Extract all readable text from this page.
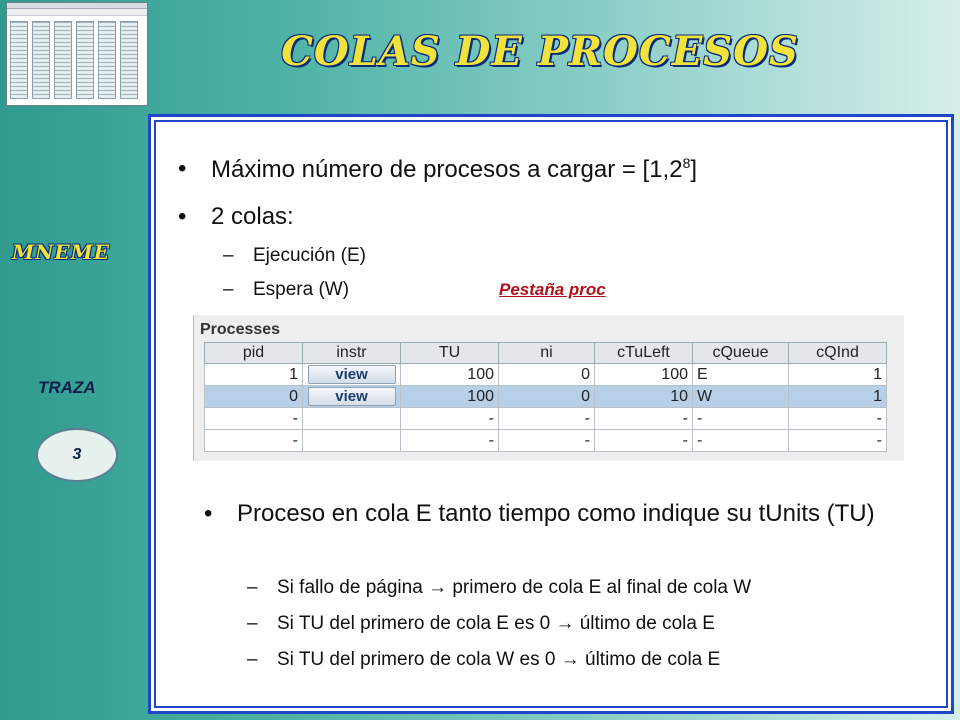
COLAS DE PROCESOS
MNEME
TRAZA
3
• Máximo número de procesos a cargar = $[1,2^8]$
• 2 colas:
– Ejecución (E)
– Espera (W)	Pestaña proc
Processes
pid	instr	TU	ni	cTuLeft	cQueue	cQInd
1	view	100	0	100	E	1
0	view	100	0	10	W	1
-		-	-	-	-	-
-		-	-	-	-	-
• Proceso en cola E tanto tiempo como indique su tUnits (TU)
– Si fallo de página → primero de cola E al final de cola W
– Si TU del primero de cola E es 0 → último de cola E
– Si TU del primero de cola W es 0 → último de cola E
